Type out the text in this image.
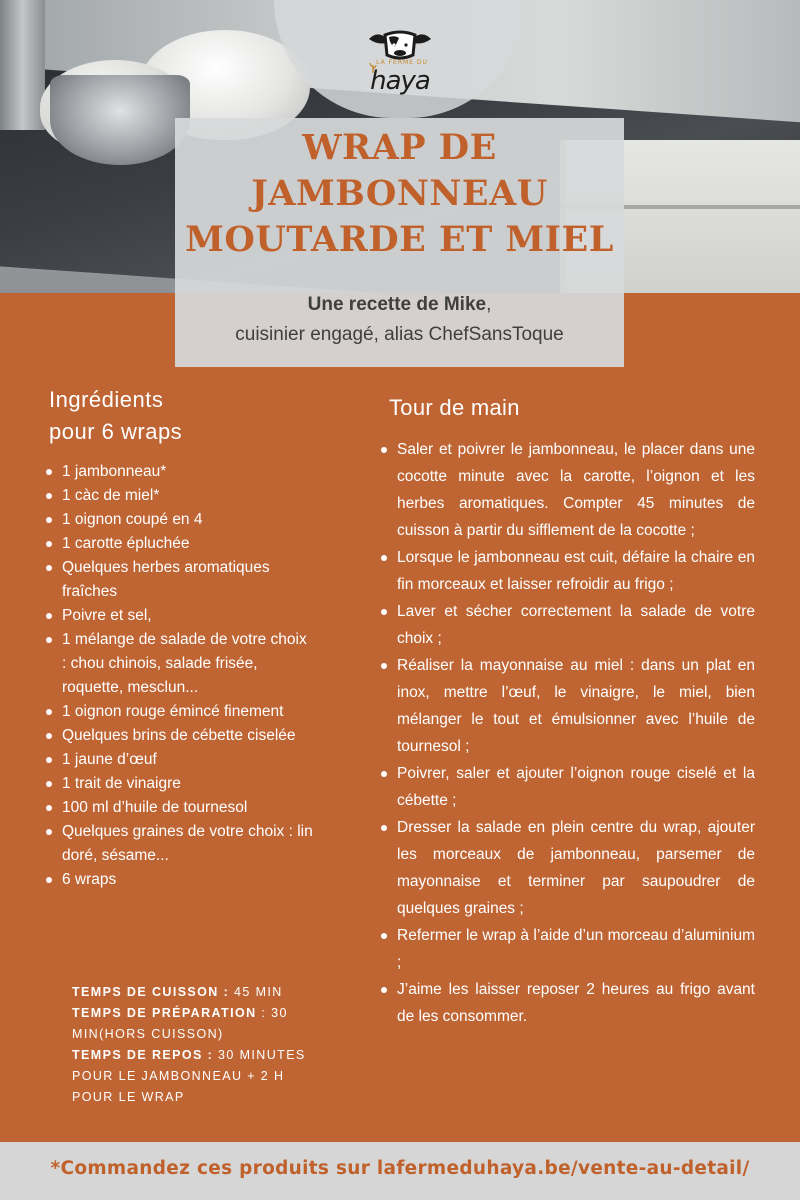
LA FERME DU
haya
WRAP DE
JAMBONNEAU
MOUTARDE ET MIEL
Une recette de Mike,
cuisinier engagé, alias ChefSansToque
Ingrédients
pour 6 wraps
1 jambonneau*
1 càc de miel*
1 oignon coupé en 4
1 carotte épluchée
Quelques herbes aromatiques fraîches
Poivre et sel,
1 mélange de salade de votre choix : chou chinois, salade frisée, roquette, mesclun...
1 oignon rouge émincé finement
Quelques brins de cébette ciselée
1 jaune d’œuf
1 trait de vinaigre
100 ml d’huile de tournesol
Quelques graines de votre choix : lin doré, sésame...
6 wraps
TEMPS DE CUISSON : 45 MIN
TEMPS DE PRÉPARATION : 30 MIN(HORS CUISSON)
TEMPS DE REPOS : 30 MINUTES POUR LE JAMBONNEAU + 2 H POUR LE WRAP
Tour de main
Saler et poivrer le jambonneau, le placer dans une cocotte minute avec la carotte, l’oignon et les herbes aromatiques. Compter 45 minutes de cuisson à partir du sifflement de la cocotte ;
Lorsque le jambonneau est cuit, défaire la chaire en fin morceaux et laisser refroidir au frigo ;
Laver et sécher correctement la salade de votre choix ;
Réaliser la mayonnaise au miel : dans un plat en inox, mettre l’œuf, le vinaigre, le miel, bien mélanger le tout et émulsionner avec l’huile de tournesol ;
Poivrer, saler et ajouter l’oignon rouge ciselé et la cébette ;
Dresser la salade en plein centre du wrap, ajouter les morceaux de jambonneau, parsemer de mayonnaise et terminer par saupoudrer de quelques graines ;
Refermer le wrap à l’aide d’un morceau d’aluminium ;
J’aime les laisser reposer 2 heures au frigo avant de les consommer.
*Commandez ces produits sur lafermeduhaya.be/vente-au-detail/
